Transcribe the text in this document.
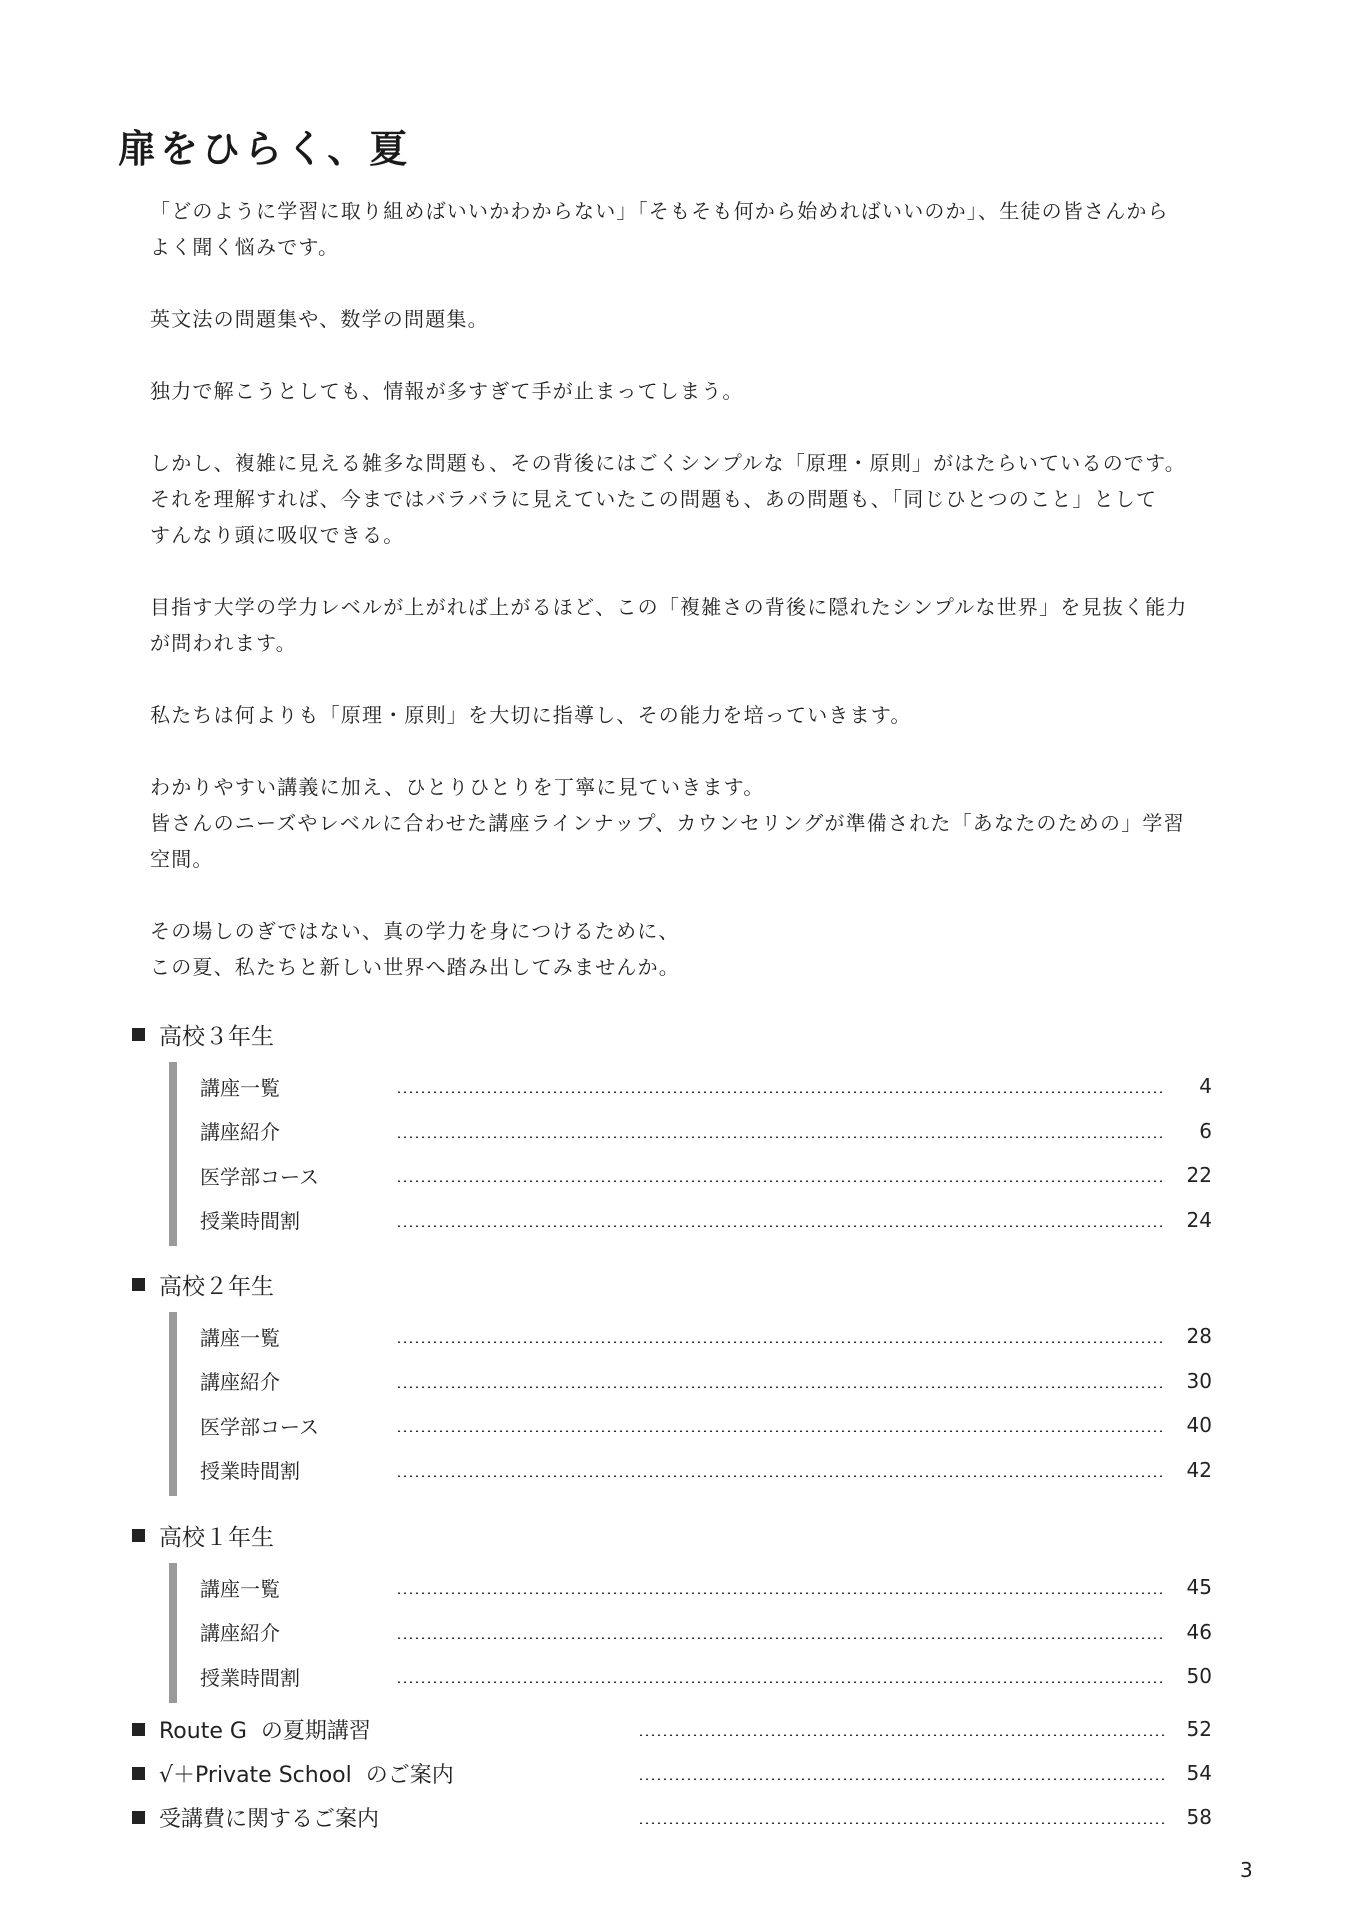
扉をひらく、夏

「どのように学習に取り組めばいいかわからない」「そもそも何から始めればいいのか」、生徒の皆さんから
よく聞く悩みです。

英文法の問題集や、数学の問題集。

独力で解こうとしても、情報が多すぎて手が止まってしまう。

しかし、複雑に見える雑多な問題も、その背後にはごくシンプルな「原理・原則」がはたらいているのです。
それを理解すれば、今まではバラバラに見えていたこの問題も、あの問題も、「同じひとつのこと」として
すんなり頭に吸収できる。

目指す大学の学力レベルが上がれば上がるほど、この「複雑さの背後に隠れたシンプルな世界」を見抜く能力
が問われます。

私たちは何よりも「原理・原則」を大切に指導し、その能力を培っていきます。

わかりやすい講義に加え、ひとりひとりを丁寧に見ていきます。
皆さんのニーズやレベルに合わせた講座ラインナップ、カウンセリングが準備された「あなたのための」学習
空間。

その場しのぎではない、真の学力を身につけるために、
この夏、私たちと新しい世界へ踏み出してみませんか。

高校３年生
講座一覧	4
講座紹介	6
医学部コース	22
授業時間割	24
高校２年生
講座一覧	28
講座紹介	30
医学部コース	40
授業時間割	42
高校１年生
講座一覧	45
講座紹介	46
授業時間割	50
Route G  の夏期講習	52
√＋Private School  のご案内	54
受講費に関するご案内	58
3
